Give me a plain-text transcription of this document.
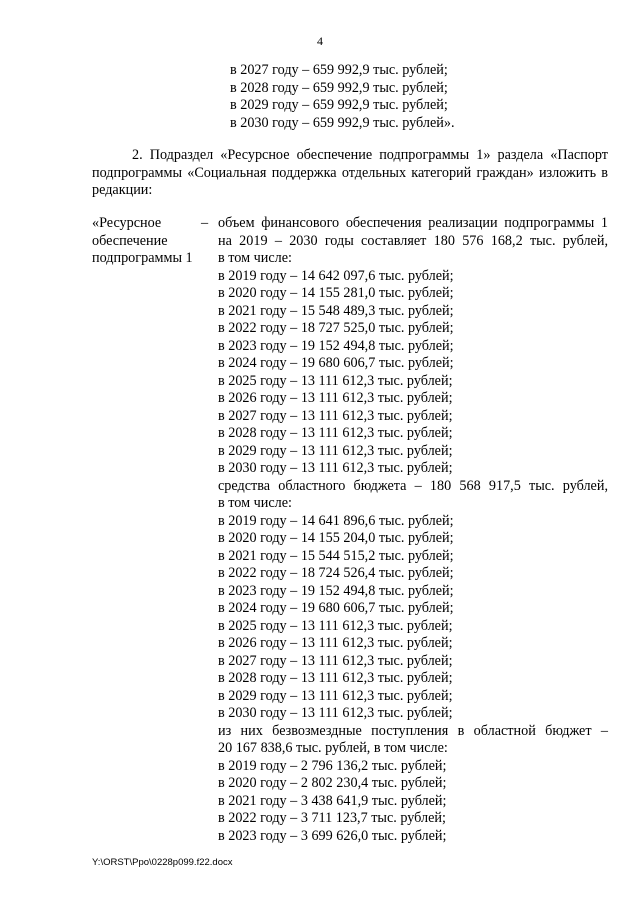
4
в 2027 году – 659 992,9 тыс. рублей;
в 2028 году – 659 992,9 тыс. рублей;
в 2029 году – 659 992,9 тыс. рублей;
в 2030 году – 659 992,9 тыс. рублей».
2. Подраздел «Ресурсное обеспечение подпрограммы 1» раздела «Паспорт подпрограммы «Социальная поддержка отдельных категорий граждан» изложить в редакции:
«Ресурсное
обеспечение
подпрограммы 1
– объем финансового обеспечения реализации подпрограммы 1
на 2019 – 2030 годы составляет 180 576 168,2 тыс. рублей,
в том числе:
в 2019 году – 14 642 097,6 тыс. рублей;
в 2020 году – 14 155 281,0 тыс. рублей;
в 2021 году – 15 548 489,3 тыс. рублей;
в 2022 году – 18 727 525,0 тыс. рублей;
в 2023 году – 19 152 494,8 тыс. рублей;
в 2024 году – 19 680 606,7 тыс. рублей;
в 2025 году – 13 111 612,3 тыс. рублей;
в 2026 году – 13 111 612,3 тыс. рублей;
в 2027 году – 13 111 612,3 тыс. рублей;
в 2028 году – 13 111 612,3 тыс. рублей;
в 2029 году – 13 111 612,3 тыс. рублей;
в 2030 году – 13 111 612,3 тыс. рублей;
средства областного бюджета – 180 568 917,5 тыс. рублей,
в том числе:
в 2019 году – 14 641 896,6 тыс. рублей;
в 2020 году – 14 155 204,0 тыс. рублей;
в 2021 году – 15 544 515,2 тыс. рублей;
в 2022 году – 18 724 526,4 тыс. рублей;
в 2023 году – 19 152 494,8 тыс. рублей;
в 2024 году – 19 680 606,7 тыс. рублей;
в 2025 году – 13 111 612,3 тыс. рублей;
в 2026 году – 13 111 612,3 тыс. рублей;
в 2027 году – 13 111 612,3 тыс. рублей;
в 2028 году – 13 111 612,3 тыс. рублей;
в 2029 году – 13 111 612,3 тыс. рублей;
в 2030 году – 13 111 612,3 тыс. рублей;
из них безвозмездные поступления в областной бюджет –
20 167 838,6 тыс. рублей, в том числе:
в 2019 году – 2 796 136,2 тыс. рублей;
в 2020 году – 2 802 230,4 тыс. рублей;
в 2021 году – 3 438 641,9 тыс. рублей;
в 2022 году – 3 711 123,7 тыс. рублей;
в 2023 году – 3 699 626,0 тыс. рублей;
Y:\ORST\Ppo\0228p099.f22.docx
